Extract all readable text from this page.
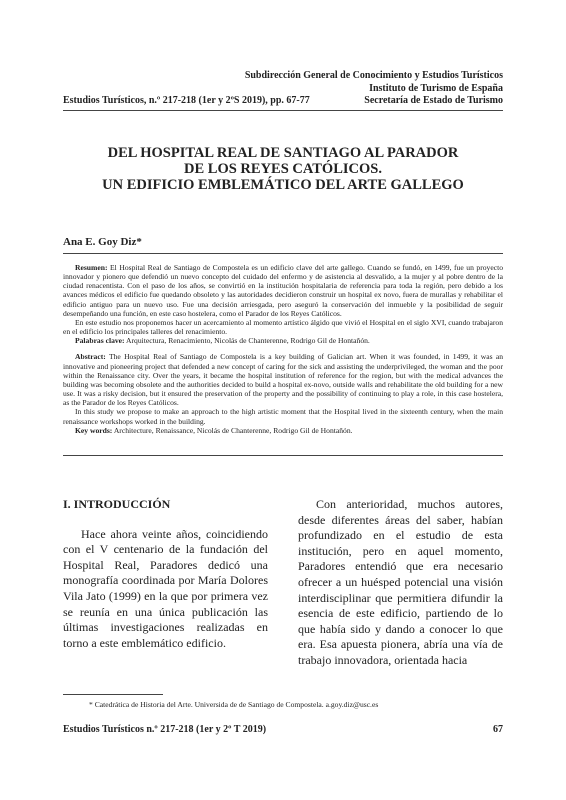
Subdirección General de Conocimiento y Estudios Turísticos
Instituto de Turismo de España
Secretaría de Estado de Turismo
Estudios Turísticos, n.º 217-218 (1er y 2ºS 2019), pp. 67-77
DEL HOSPITAL REAL DE SANTIAGO AL PARADOR
DE LOS REYES CATÓLICOS.
UN EDIFICIO EMBLEMÁTICO DEL ARTE GALLEGO
Ana E. Goy Diz*

Resumen: El Hospital Real de Santiago de Compostela es un edificio clave del arte gallego. Cuando se fundó, en 1499, fue un proyecto innovador y pionero que defendió un nuevo concepto del cuidado del enfermo y de asistencia al desvalido, a la mujer y al pobre dentro de la ciudad renacentista. Con el paso de los años, se convirtió en la institución hospitalaria de referencia para toda la región, pero debido a los avances médicos el edificio fue quedando obsoleto y las autoridades decidieron construir un hospital ex novo, fuera de murallas y rehabilitar el edificio antiguo para un nuevo uso. Fue una decisión arriesgada, pero aseguró la conservación del inmueble y la posibilidad de seguir desempeñando una función, en este caso hostelera, como el Parador de los Reyes Católicos.

En este estudio nos proponemos hacer un acercamiento al momento artístico álgido que vivió el Hospital en el siglo XVI, cuando trabajaron en el edificio los principales talleres del renacimiento.

Palabras clave: Arquitectura, Renacimiento, Nicolás de Chanterenne, Rodrigo Gil de Hontañón.

Abstract: The Hospital Real of Santiago de Compostela is a key building of Galician art. When it was founded, in 1499, it was an innovative and pioneering project that defended a new concept of caring for the sick and assisting the underprivileged, the woman and the poor within the Renaissance city. Over the years, it became the hospital institution of reference for the region, but with the medical advances the building was becoming obsolete and the authorities decided to build a hospital ex-novo, outside walls and rehabilitate the old building for a new use. It was a risky decision, but it ensured the preservation of the property and the possibility of continuing to play a role, in this case hostelera, as the Parador de los Reyes Católicos.

In this study we propose to make an approach to the high artistic moment that the Hospital lived in the sixteenth century, when the main renaissance workshops worked in the building.

Key words: Architecture, Renaissance, Nicolás de Chanterenne, Rodrigo Gil de Hontañón.

I. INTRODUCCIÓN

Hace ahora veinte años, coincidiendo con el V centenario de la fundación del Hospital Real, Paradores dedicó una monografía coordinada por María Dolores Vila Jato (1999) en la que por primera vez se reunía en una única publicación las últimas investigaciones realizadas en torno a este emblemático edificio.

Con anterioridad, muchos autores, desde diferentes áreas del saber, habían profundizado en el estudio de esta institución, pero en aquel momento, Paradores entendió que era necesario ofrecer a un huésped potencial una visión interdisciplinar que permitiera difundir la esencia de este edificio, partiendo de lo que había sido y dando a conocer lo que era. Esa apuesta pionera, abría una vía de trabajo innovadora, orientada hacia

* Catedrática de Historia del Arte. Universida de de Santiago de Compostela. a.goy.diz@usc.es
Estudios Turísticos n.º 217-218 (1er y 2º T 2019)	67
